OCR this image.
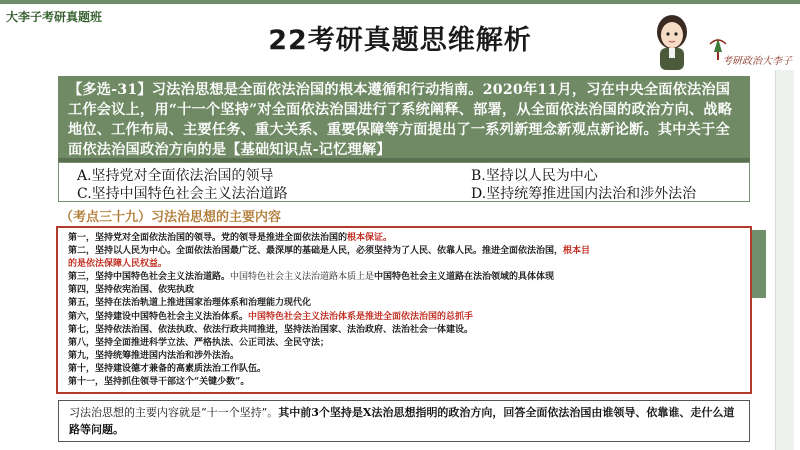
大李子考研真题班
22考研真题思维解析
考研政治大李子
【多选-31】习法治思想是全面依法治国的根本遵循和行动指南。2020年11月，习在中央全面依法治国工作会议上，用“十一个坚持”对全面依法治国进行了系统阐释、部署，从全面依法治国的政治方向、战略地位、工作布局、主要任务、重大关系、重要保障等方面提出了一系列新理念新观点新论断。其中关于全面依法治国政治方向的是【基础知识点-记忆理解】
A.坚持党对全面依法治国的领导	B.坚持以人民为中心
C.坚持中国特色社会主义法治道路	D.坚持统筹推进国内法治和涉外法治
（考点三十九）习法治思想的主要内容
第一，坚持党对全面依法治国的领导。党的领导是推进全面依法治国的根本保证。
第二，坚持以人民为中心。全面依法治国最广泛、最深厚的基础是人民，必须坚持为了人民、依靠人民。推进全面依法治国，根本目
的是依法保障人民权益。
第三，坚持中国特色社会主义法治道路。中国特色社会主义法治道路本质上是中国特色社会主义道路在法治领域的具体体现
第四，坚持依宪治国、依宪执政
第五，坚持在法治轨道上推进国家治理体系和治理能力现代化
第六，坚持建设中国特色社会主义法治体系。中国特色社会主义法治体系是推进全面依法治国的总抓手
第七，坚持依法治国、依法执政、依法行政共同推进，坚持法治国家、法治政府、法治社会一体建设。
第八，坚持全面推进科学立法、严格执法、公正司法、全民守法；
第九，坚持统筹推进国内法治和涉外法治。
第十，坚持建设德才兼备的高素质法治工作队伍。
第十一，坚持抓住领导干部这个“关键少数”。
习法治思想的主要内容就是“十一个坚持”。其中前3个坚持是X法治思想指明的政治方向，回答全面依法治国由谁领导、依靠谁、走什么道路等问题。
